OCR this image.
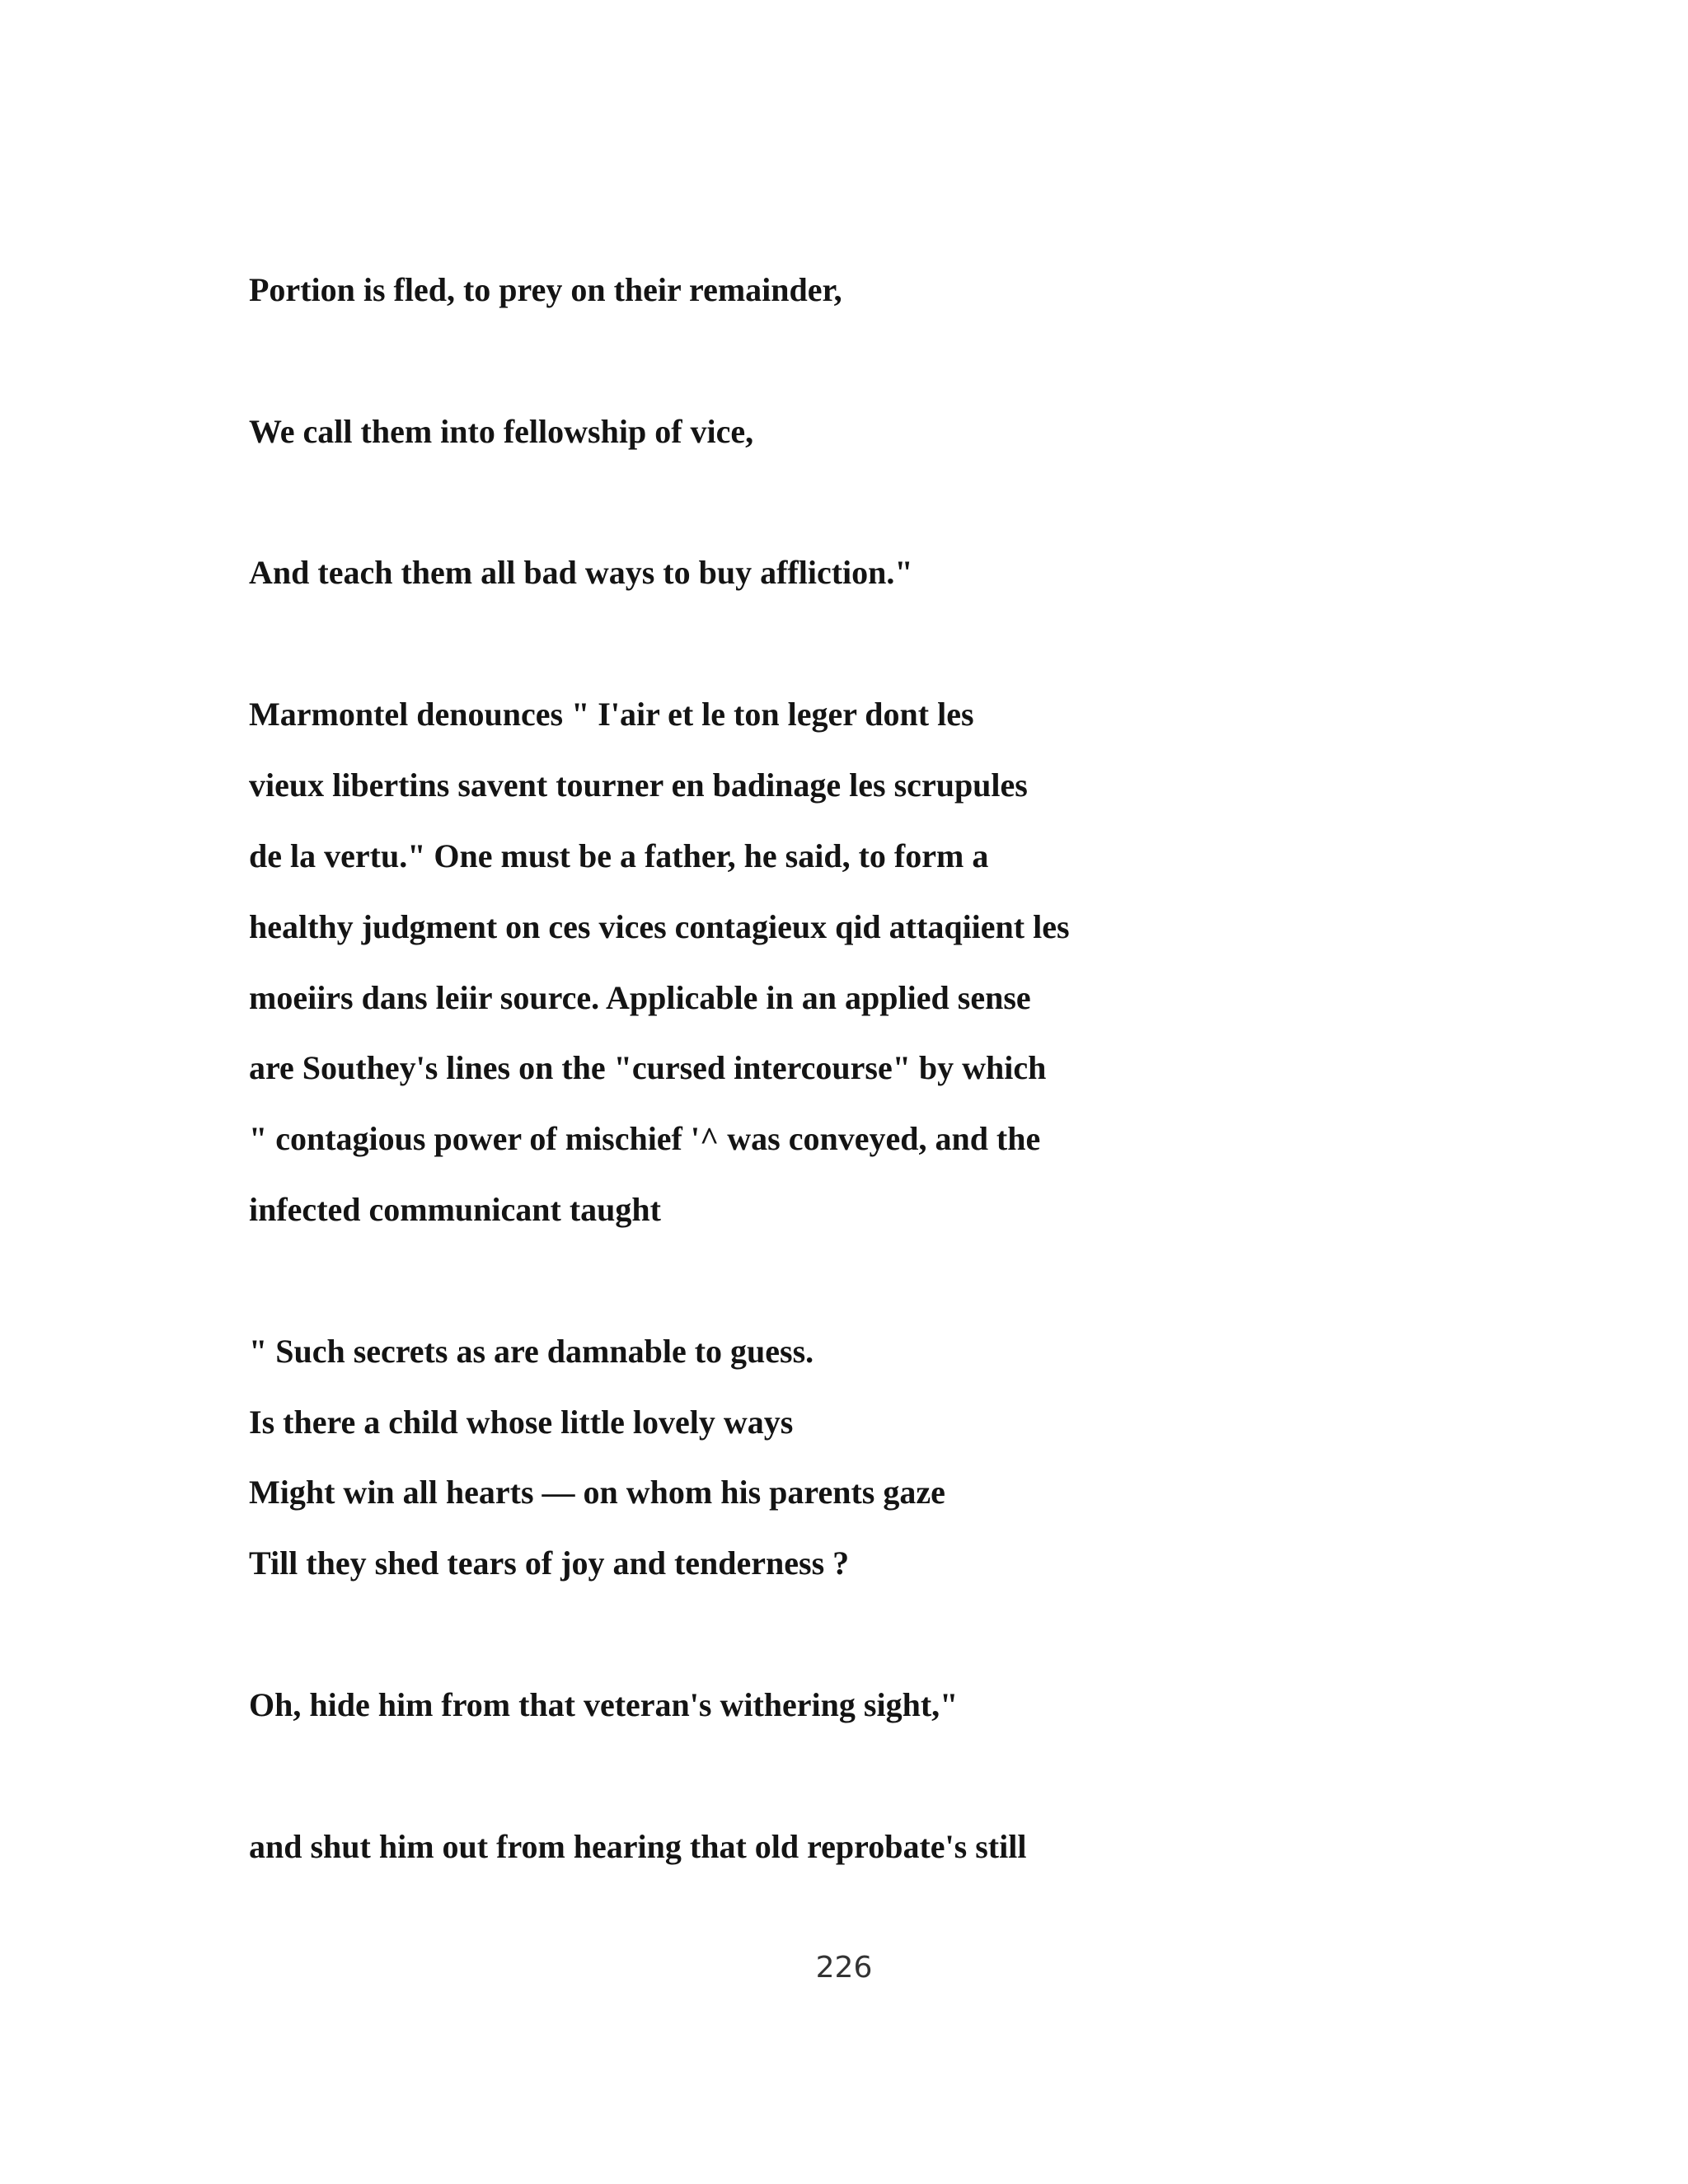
Portion is fled, to prey on their remainder,

We call them into fellowship of vice,

And teach them all bad ways to buy affliction."

Marmontel denounces " I'air et le ton leger dont les

vieux libertins savent tourner en badinage les scrupules

de la vertu." One must be a father, he said, to form a

healthy judgment on ces vices contagieux qid attaqiient les

moeiirs dans leiir source. Applicable in an applied sense

are Southey's lines on the "cursed intercourse" by which

" contagious power of mischief '^ was conveyed, and the

infected communicant taught

" Such secrets as are damnable to guess.

Is there a child whose little lovely ways

Might win all hearts — on whom his parents gaze

Till they shed tears of joy and tenderness ?

Oh, hide him from that veteran's withering sight,"

and shut him out from hearing that old reprobate's still

226
